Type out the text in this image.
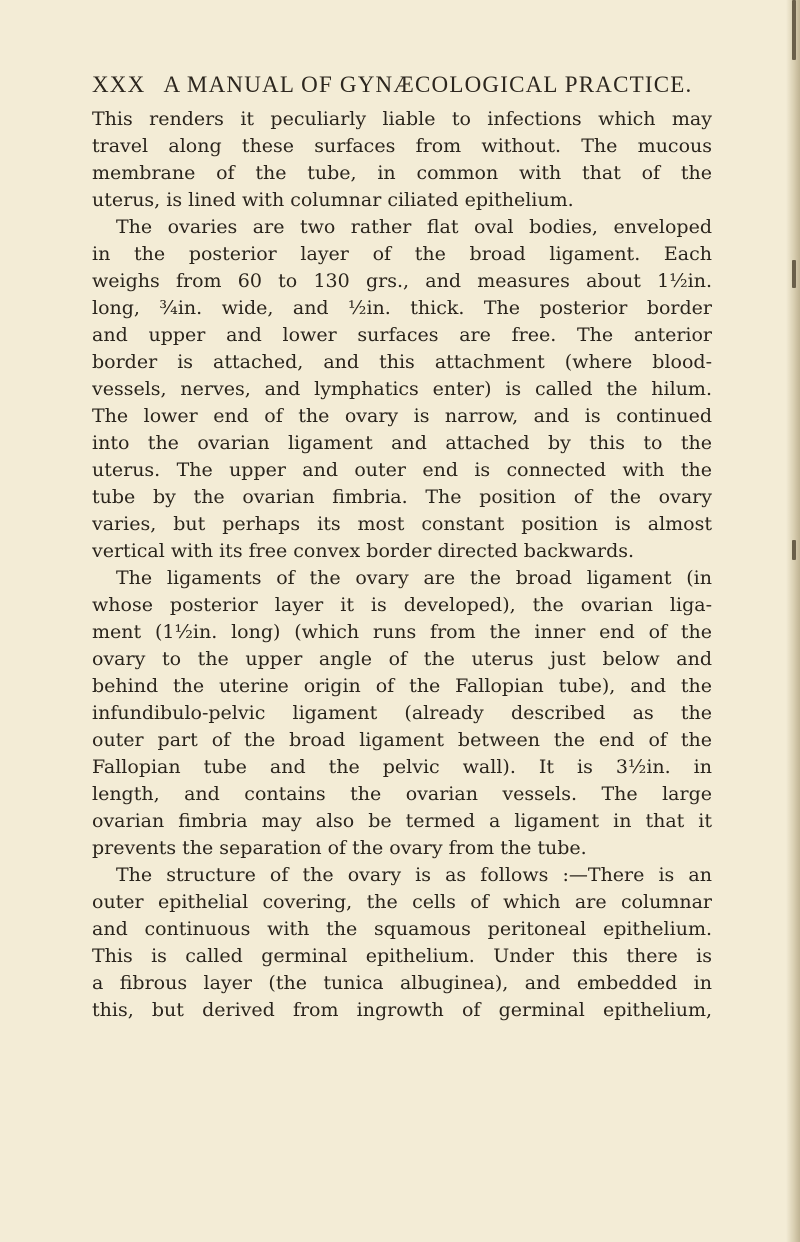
XXX A MANUAL OF GYNÆCOLOGICAL PRACTICE.
This renders it peculiarly liable to infections which may
travel along these surfaces from without. The mucous
membrane of the tube, in common with that of the
uterus, is lined with columnar ciliated epithelium.
The ovaries are two rather flat oval bodies, enveloped
in the posterior layer of the broad ligament. Each
weighs from 60 to 130 grs., and measures about 1½in.
long, ¾in. wide, and ½in. thick. The posterior border
and upper and lower surfaces are free. The anterior
border is attached, and this attachment (where blood-
vessels, nerves, and lymphatics enter) is called the hilum.
The lower end of the ovary is narrow, and is continued
into the ovarian ligament and attached by this to the
uterus. The upper and outer end is connected with the
tube by the ovarian fimbria. The position of the ovary
varies, but perhaps its most constant position is almost
vertical with its free convex border directed backwards.
The ligaments of the ovary are the broad ligament (in
whose posterior layer it is developed), the ovarian liga-
ment (1½in. long) (which runs from the inner end of the
ovary to the upper angle of the uterus just below and
behind the uterine origin of the Fallopian tube), and the
infundibulo-pelvic ligament (already described as the
outer part of the broad ligament between the end of the
Fallopian tube and the pelvic wall). It is 3½in. in
length, and contains the ovarian vessels. The large
ovarian fimbria may also be termed a ligament in that it
prevents the separation of the ovary from the tube.
The structure of the ovary is as follows :—There is an
outer epithelial covering, the cells of which are columnar
and continuous with the squamous peritoneal epithelium.
This is called germinal epithelium. Under this there is
a fibrous layer (the tunica albuginea), and embedded in
this, but derived from ingrowth of germinal epithelium,
